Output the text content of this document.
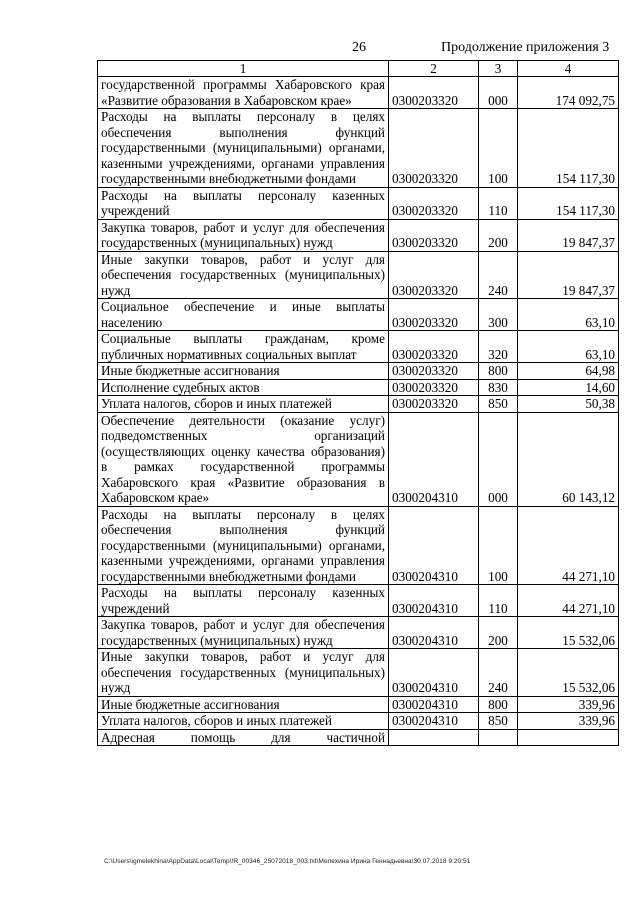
26	Продолжение приложения 3
1	2	3	4
государственной программы Хабаровского края «Развитие образования в Хабаровском крае»	0300203320	000	174 092,75
Расходы на выплаты персоналу в целях обеспечения выполнения функций государственными (муниципальными) органами, казенными учреждениями, органами управления государственными внебюджетными фондами	0300203320	100	154 117,30
Расходы на выплаты персоналу казенных учреждений	0300203320	110	154 117,30
Закупка товаров, работ и услуг для обеспечения государственных (муниципальных) нужд	0300203320	200	19 847,37
Иные закупки товаров, работ и услуг для обеспечения государственных (муниципальных) нужд	0300203320	240	19 847,37
Социальное обеспечение и иные выплаты населению	0300203320	300	63,10
Социальные выплаты гражданам, кроме публичных нормативных социальных выплат	0300203320	320	63,10
Иные бюджетные ассигнования	0300203320	800	64,98
Исполнение судебных актов	0300203320	830	14,60
Уплата налогов, сборов и иных платежей	0300203320	850	50,38
Обеспечение деятельности (оказание услуг) подведомственных организаций (осуществляющих оценку качества образования) в рамках государственной программы Хабаровского края «Развитие образования в Хабаровском крае»	0300204310	000	60 143,12
Расходы на выплаты персоналу в целях обеспечения выполнения функций государственными (муниципальными) органами, казенными учреждениями, органами управления государственными внебюджетными фондами	0300204310	100	44 271,10
Расходы на выплаты персоналу казенных учреждений	0300204310	110	44 271,10
Закупка товаров, работ и услуг для обеспечения государственных (муниципальных) нужд	0300204310	200	15 532,06
Иные закупки товаров, работ и услуг для обеспечения государственных (муниципальных) нужд	0300204310	240	15 532,06
Иные бюджетные ассигнования	0300204310	800	339,96
Уплата налогов, сборов и иных платежей	0300204310	850	339,96
Адресная помощь для частичной			
C:\Users\igmelekhina\AppData\Local\Temp\!R_00346_25072018_003.txt\Мелехина Ирина Геннадьевна\30.07.2018 9:20:51
